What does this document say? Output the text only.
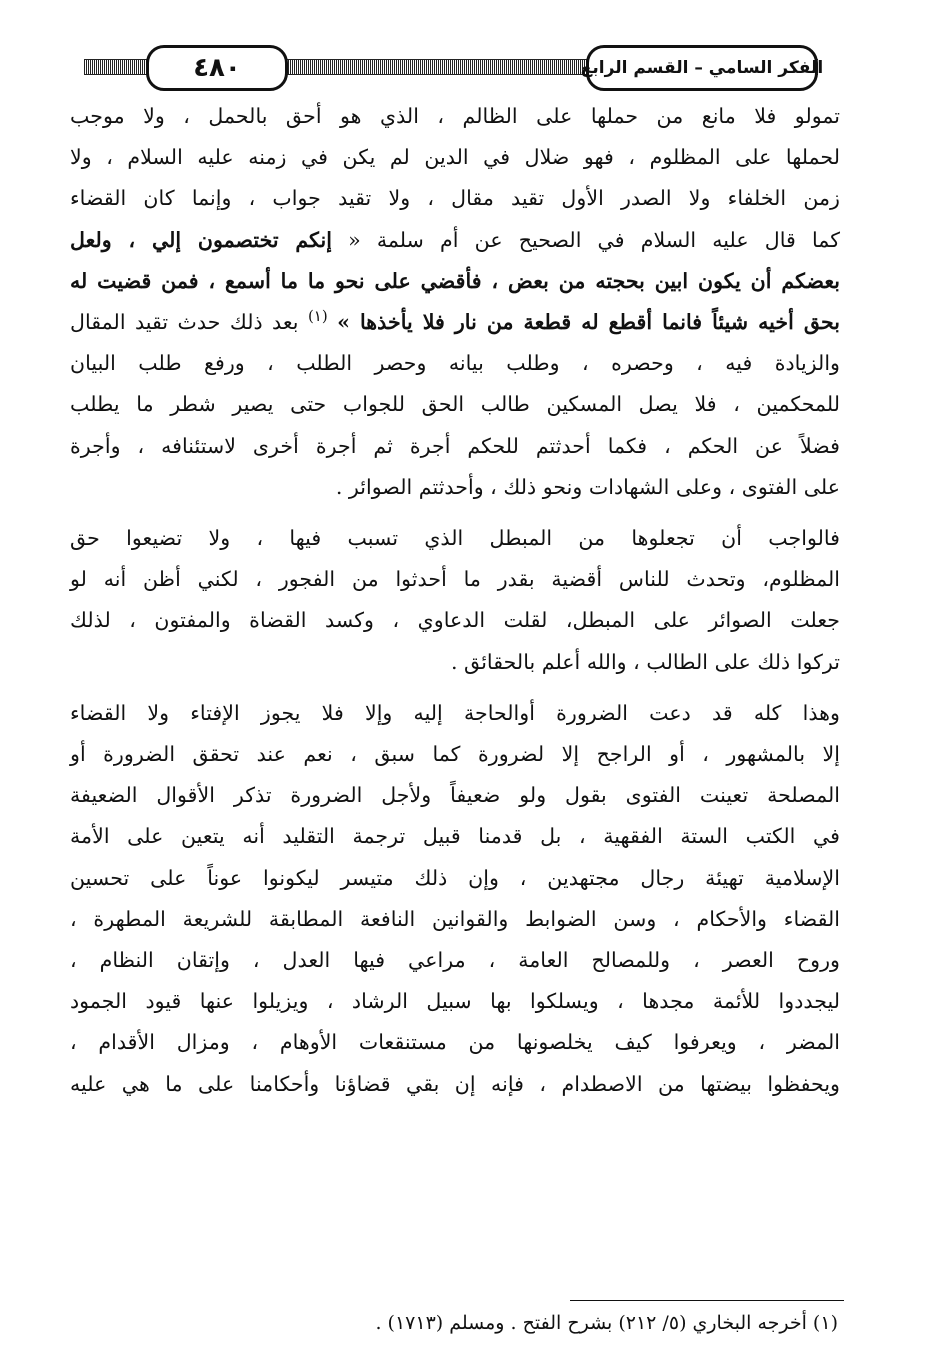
٤٨٠	الفكر السامي – القسم الرابع

تمولو فلا مانع من حملها على الظالم ، الذي هو أحق بالحمل ، ولا موجب
لحملها على المظلوم ، فهو ضلال في الدين لم يكن في زمنه عليه السلام ، ولا
زمن الخلفاء ولا الصدر الأول تقيد مقال ، ولا تقيد جواب ، وإنما كان القضاء
كما قال عليه السلام في الصحيح عن أم سلمة « إنكم تختصمون إلي ، ولعل
بعضكم أن يكون ابين بحجته من بعض ، فأقضي على نحو ما ما أسمع ، فمن قضيت له
بحق أخيه شيئاً فانما أقطع له قطعة من نار فلا يأخذها » $^{(١)}$ بعد ذلك حدث تقيد المقال
والزيادة فيه ، وحصره ، وطلب بيانه وحصر الطلب ، ورفع طلب البيان
للمحكمين ، فلا يصل المسكين طالب الحق للجواب حتى يصير شطر ما يطلب
فضلاً عن الحكم ، فكما أحدثتم للحكم أجرة ثم أجرة أخرى لاستئنافه ، وأجرة
على الفتوى ، وعلى الشهادات ونحو ذلك ، وأحدثتم الصوائر .

فالواجب أن تجعلوها من المبطل الذي تسبب فيها ، ولا تضيعوا حق
المظلوم، وتحدث للناس أقضية بقدر ما أحدثوا من الفجور ، لكني أظن أنه لو
جعلت الصوائر على المبطل، لقلت الدعاوي ، وكسد القضاة والمفتون ، لذلك
تركوا ذلك على الطالب ، والله أعلم بالحقائق .

وهذا كله قد دعت الضرورة أوالحاجة إليه وإلا فلا يجوز الإفتاء ولا القضاء
إلا بالمشهور ، أو الراجح إلا لضرورة كما سبق ، نعم عند تحقق الضرورة أو
المصلحة تعينت الفتوى بقول ولو ضعيفاً ولأجل الضرورة تذكر الأقوال الضعيفة
في الكتب الستة الفقهية ، بل قدمنا قبيل ترجمة التقليد أنه يتعين على الأمة
الإسلامية تهيئة رجال مجتهدين ، وإن ذلك متيسر ليكونوا عوناً على تحسين
القضاء والأحكام ، وسن الضوابط والقوانين النافعة المطابقة للشريعة المطهرة ،
وروح العصر ، وللمصالح العامة ، مراعي فيها العدل ، وإتقان النظام ،
ليجددوا للأئمة مجدها ، ويسلكوا بها سبيل الرشاد ، ويزيلوا عنها قيود الجمود
المضر ، ويعرفوا كيف يخلصونها من مستنقعات الأوهام ، ومزال الأقدام ،
ويحفظوا بيضتها من الاصطدام ، فإنه إن بقي قضاؤنا وأحكامنا على ما هي عليه

(١) أخرجه البخاري (٥/ ٢١٢) بشرح الفتح . ومسلم (١٧١٣) .
